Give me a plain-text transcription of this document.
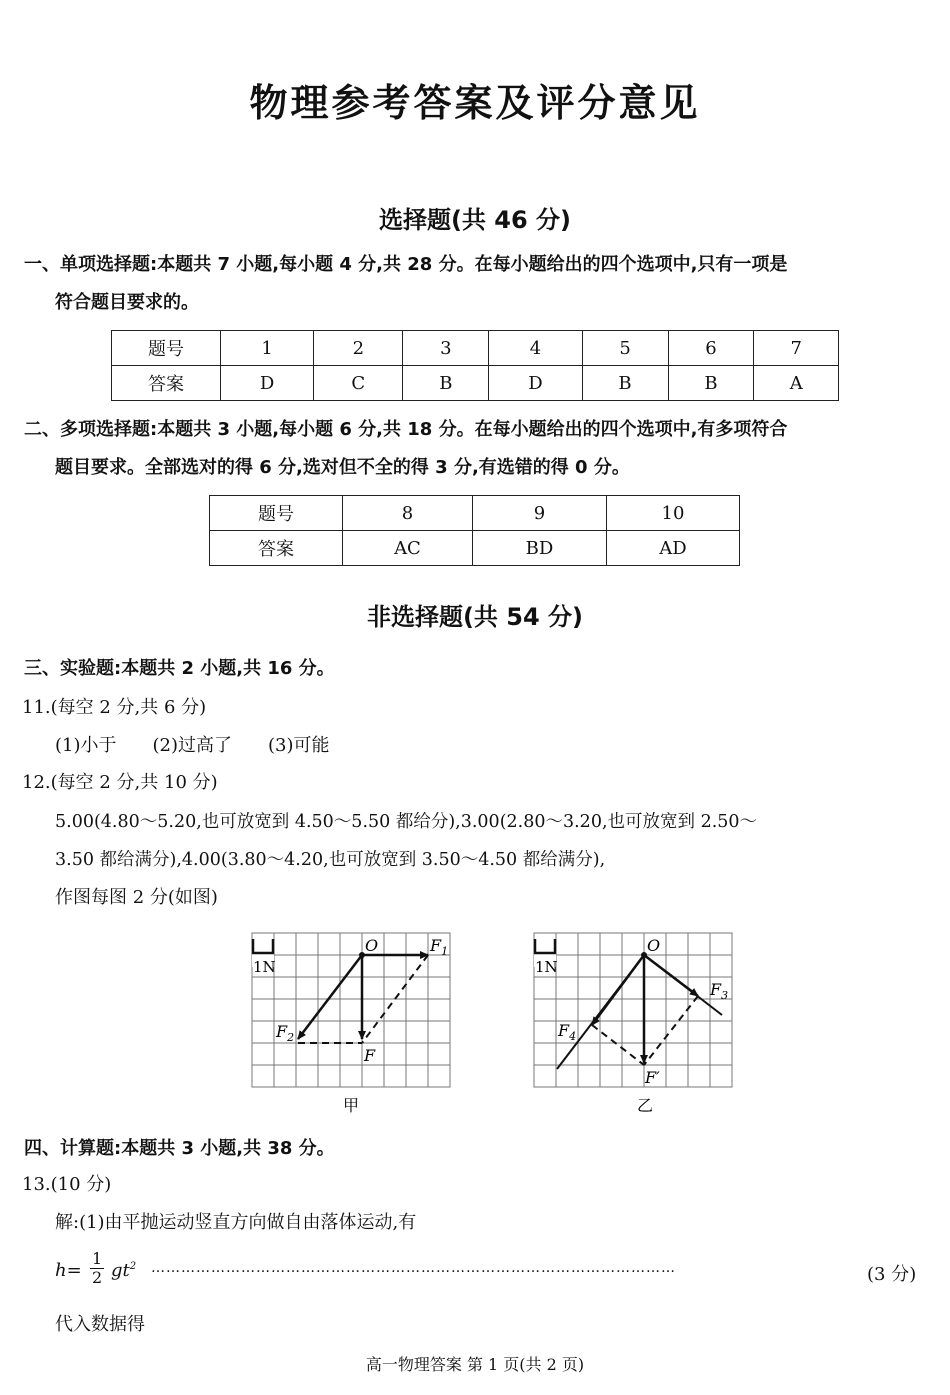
物理参考答案及评分意见
选择题(共 46 分)
一、单项选择题:本题共 7 小题,每小题 4 分,共 28 分。在每小题给出的四个选项中,只有一项是
符合题目要求的。
题号	1	2	3	4	5	6	7
答案	D	C	B	D	B	B	A
二、多项选择题:本题共 3 小题,每小题 6 分,共 18 分。在每小题给出的四个选项中,有多项符合
题目要求。全部选对的得 6 分,选对但不全的得 3 分,有选错的得 0 分。
题号	8	9	10
答案	AC	BD	AD
非选择题(共 54 分)
三、实验题:本题共 2 小题,共 16 分。
11.(每空 2 分,共 6 分)
(1)小于　　(2)过高了　　(3)可能
12.(每空 2 分,共 10 分)
5.00(4.80～5.20,也可放宽到 4.50～5.50 都给分),3.00(2.80～3.20,也可放宽到 2.50～
3.50 都给满分),4.00(3.80～4.20,也可放宽到 3.50～4.50 都给满分),
作图每图 2 分(如图)
1N
O	$F_1$
$F_2$
F
甲
1N
O
$F_3$
$F_4$
F′
乙
四、计算题:本题共 3 小题,共 38 分。
13.(10 分)
解:(1)由平抛运动竖直方向做自由落体运动,有
$h= \frac{1}{2} gt^2$ ……………………………………………………………………………………………	(3 分)
代入数据得
高一物理答案 第 1 页(共 2 页)
